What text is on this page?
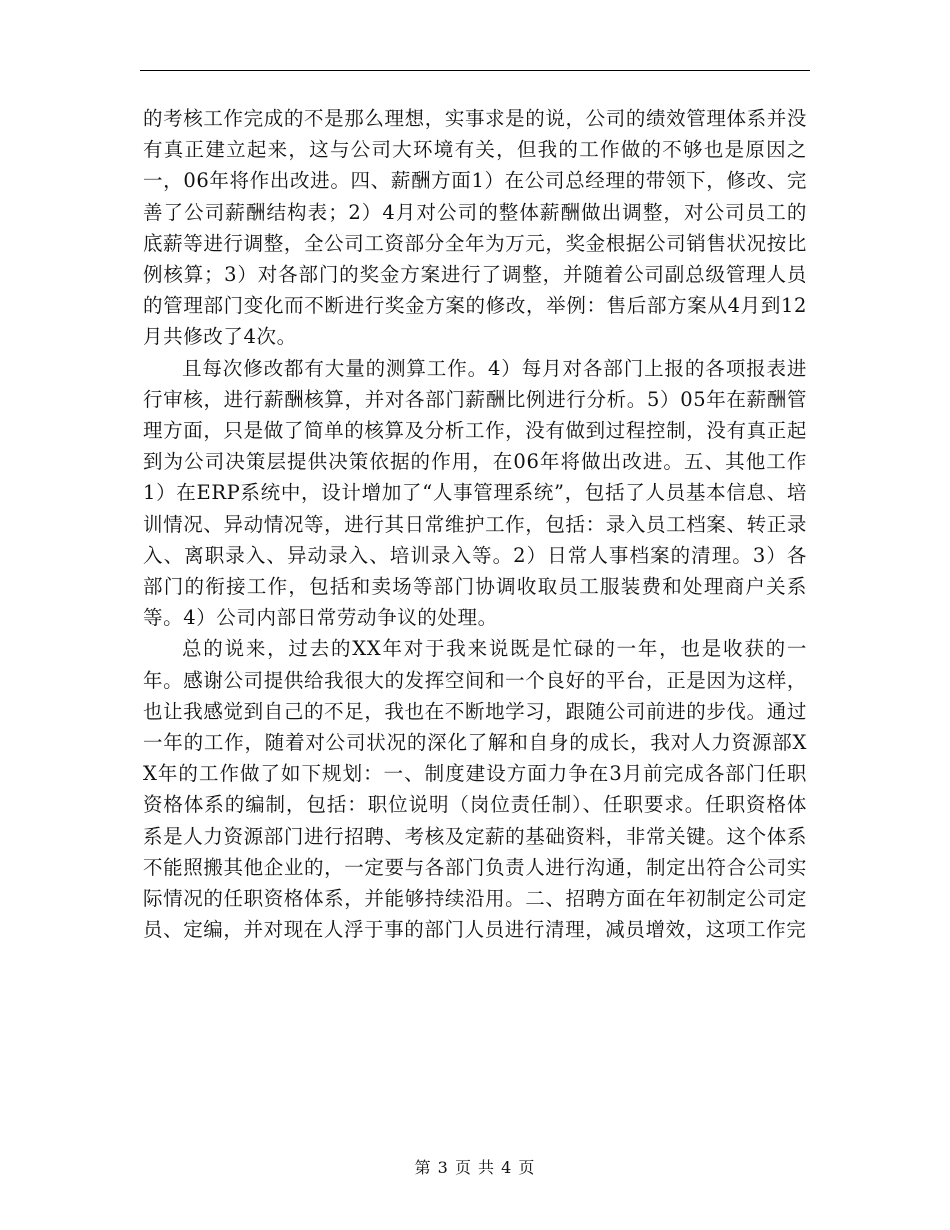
的考核工作完成的不是那么理想，实事求是的说，公司的绩效管理体系并没有真正建立起来，这与公司大环境有关，但我的工作做的不够也是原因之一，06年将作出改进。四、薪酬方面1）在公司总经理的带领下，修改、完善了公司薪酬结构表；2）4月对公司的整体薪酬做出调整，对公司员工的底薪等进行调整，全公司工资部分全年为万元，奖金根据公司销售状况按比例核算；3）对各部门的奖金方案进行了调整，并随着公司副总级管理人员的管理部门变化而不断进行奖金方案的修改，举例：售后部方案从4月到12月共修改了4次。

且每次修改都有大量的测算工作。4）每月对各部门上报的各项报表进行审核，进行薪酬核算，并对各部门薪酬比例进行分析。5）05年在薪酬管理方面，只是做了简单的核算及分析工作，没有做到过程控制，没有真正起到为公司决策层提供决策依据的作用，在06年将做出改进。五、其他工作1）在ERP系统中，设计增加了“人事管理系统”，包括了人员基本信息、培训情况、异动情况等，进行其日常维护工作，包括：录入员工档案、转正录入、离职录入、异动录入、培训录入等。2）日常人事档案的清理。3）各部门的衔接工作，包括和卖场等部门协调收取员工服装费和处理商户关系等。4）公司内部日常劳动争议的处理。

总的说来，过去的XX年对于我来说既是忙碌的一年，也是收获的一年。感谢公司提供给我很大的发挥空间和一个良好的平台，正是因为这样，也让我感觉到自己的不足，我也在不断地学习，跟随公司前进的步伐。通过一年的工作，随着对公司状况的深化了解和自身的成长，我对人力资源部XX年的工作做了如下规划：一、制度建设方面力争在3月前完成各部门任职资格体系的编制，包括：职位说明（岗位责任制）、任职要求。任职资格体系是人力资源部门进行招聘、考核及定薪的基础资料，非常关键。这个体系不能照搬其他企业的，一定要与各部门负责人进行沟通，制定出符合公司实际情况的任职资格体系，并能够持续沿用。二、招聘方面在年初制定公司定员、定编，并对现在人浮于事的部门人员进行清理，减员增效，这项工作完

第 3 页 共 4 页
